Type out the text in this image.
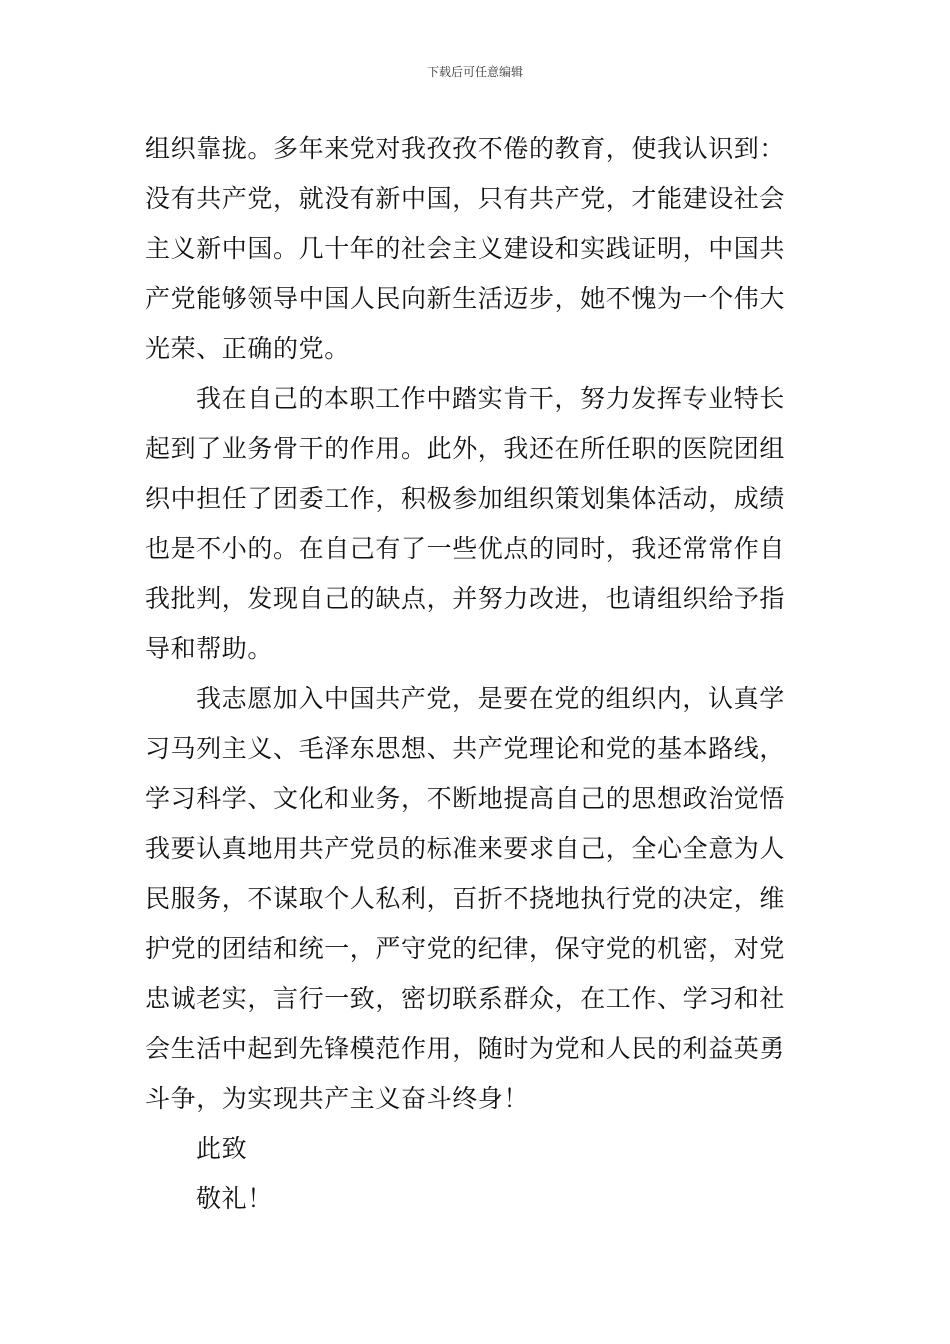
下载后可任意编辑
组织靠拢。多年来党对我孜孜不倦的教育，使我认识到：
没有共产党，就没有新中国，只有共产党，才能建设社会
主义新中国。几十年的社会主义建设和实践证明，中国共
产党能够领导中国人民向新生活迈步，她不愧为一个伟大
光荣、正确的党。
我在自己的本职工作中踏实肯干，努力发挥专业特长
起到了业务骨干的作用。此外，我还在所任职的医院团组
织中担任了团委工作，积极参加组织策划集体活动，成绩
也是不小的。在自己有了一些优点的同时，我还常常作自
我批判，发现自己的缺点，并努力改进，也请组织给予指
导和帮助。
我志愿加入中国共产党，是要在党的组织内，认真学
习马列主义、毛泽东思想、共产党理论和党的基本路线，
学习科学、文化和业务，不断地提高自己的思想政治觉悟
我要认真地用共产党员的标准来要求自己，全心全意为人
民服务，不谋取个人私利，百折不挠地执行党的决定，维
护党的团结和统一，严守党的纪律，保守党的机密，对党
忠诚老实，言行一致，密切联系群众，在工作、学习和社
会生活中起到先锋模范作用，随时为党和人民的利益英勇
斗争，为实现共产主义奋斗终身！
此致
敬礼！
